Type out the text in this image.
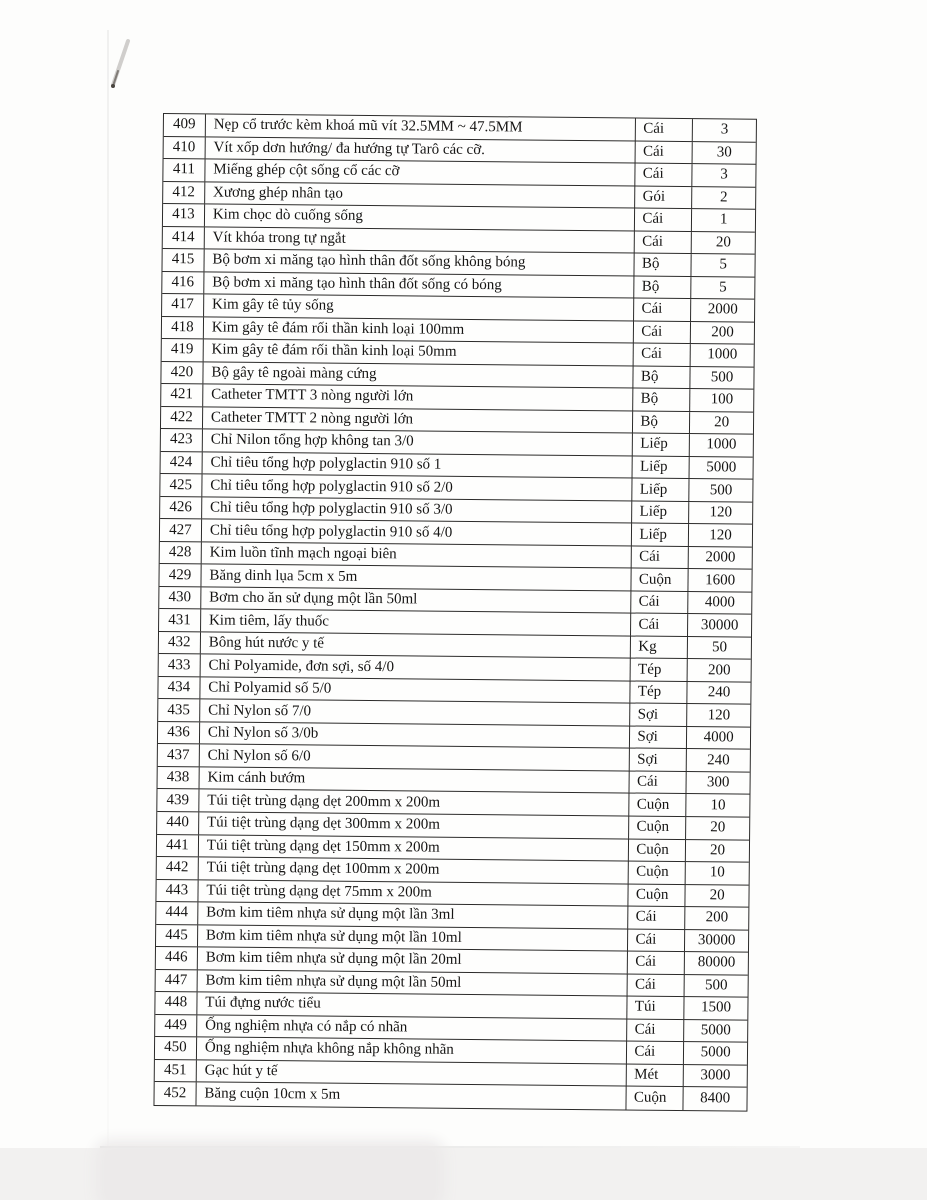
409	Nẹp cổ trước kèm khoá mũ vít 32.5MM ~ 47.5MM	Cái	3
410	Vít xốp dơn hướng/ đa hướng tự Tarô các cỡ.	Cái	30
411	Miếng ghép cột sống cổ các cỡ	Cái	3
412	Xương ghép nhân tạo	Gói	2
413	Kim chọc dò cuống sống	Cái	1
414	Vít khóa trong tự ngắt	Cái	20
415	Bộ bơm xi măng tạo hình thân đốt sống không bóng	Bộ	5
416	Bộ bơm xi măng tạo hình thân đốt sống có bóng	Bộ	5
417	Kim gây tê tủy sống	Cái	2000
418	Kim gây tê đám rối thần kinh loại 100mm	Cái	200
419	Kim gây tê đám rối thần kinh loại 50mm	Cái	1000
420	Bộ gây tê ngoài màng cứng	Bộ	500
421	Catheter TMTT 3 nòng người lớn	Bộ	100
422	Catheter TMTT 2 nòng người lớn	Bộ	20
423	Chỉ Nilon tổng hợp không tan 3/0	Liếp	1000
424	Chỉ tiêu tổng hợp polyglactin 910 số 1	Liếp	5000
425	Chỉ tiêu tổng hợp polyglactin 910 số 2/0	Liếp	500
426	Chỉ tiêu tổng hợp polyglactin 910 số 3/0	Liếp	120
427	Chỉ tiêu tổng hợp polyglactin 910 số 4/0	Liếp	120
428	Kim luồn tĩnh mạch ngoại biên	Cái	2000
429	Băng dinh lụa 5cm x 5m	Cuộn	1600
430	Bơm cho ăn sử dụng một lần 50ml	Cái	4000
431	Kim tiêm, lấy thuốc	Cái	30000
432	Bông hút nước y tế	Kg	50
433	Chỉ Polyamide, đơn sợi, số 4/0	Tép	200
434	Chỉ Polyamid số 5/0	Tép	240
435	Chỉ Nylon số 7/0	Sợi	120
436	Chỉ Nylon số 3/0b	Sợi	4000
437	Chỉ Nylon số 6/0	Sợi	240
438	Kim cánh bướm	Cái	300
439	Túi tiệt trùng dạng dẹt 200mm x 200m	Cuộn	10
440	Túi tiệt trùng dạng dẹt 300mm x 200m	Cuộn	20
441	Túi tiệt trùng dạng dẹt 150mm x 200m	Cuộn	20
442	Túi tiệt trùng dạng dẹt 100mm x 200m	Cuộn	10
443	Túi tiệt trùng dạng dẹt 75mm x 200m	Cuộn	20
444	Bơm kim tiêm nhựa sử dụng một lần 3ml	Cái	200
445	Bơm kim tiêm nhựa sử dụng một lần 10ml	Cái	30000
446	Bơm kim tiêm nhựa sử dụng một lần 20ml	Cái	80000
447	Bơm kim tiêm nhựa sử dụng một lần 50ml	Cái	500
448	Túi đựng nước tiểu	Túi	1500
449	Ống nghiệm nhựa có nắp có nhãn	Cái	5000
450	Ống nghiệm nhựa không nắp không nhãn	Cái	5000
451	Gạc hút y tế	Mét	3000
452	Băng cuộn 10cm x 5m	Cuộn	8400
